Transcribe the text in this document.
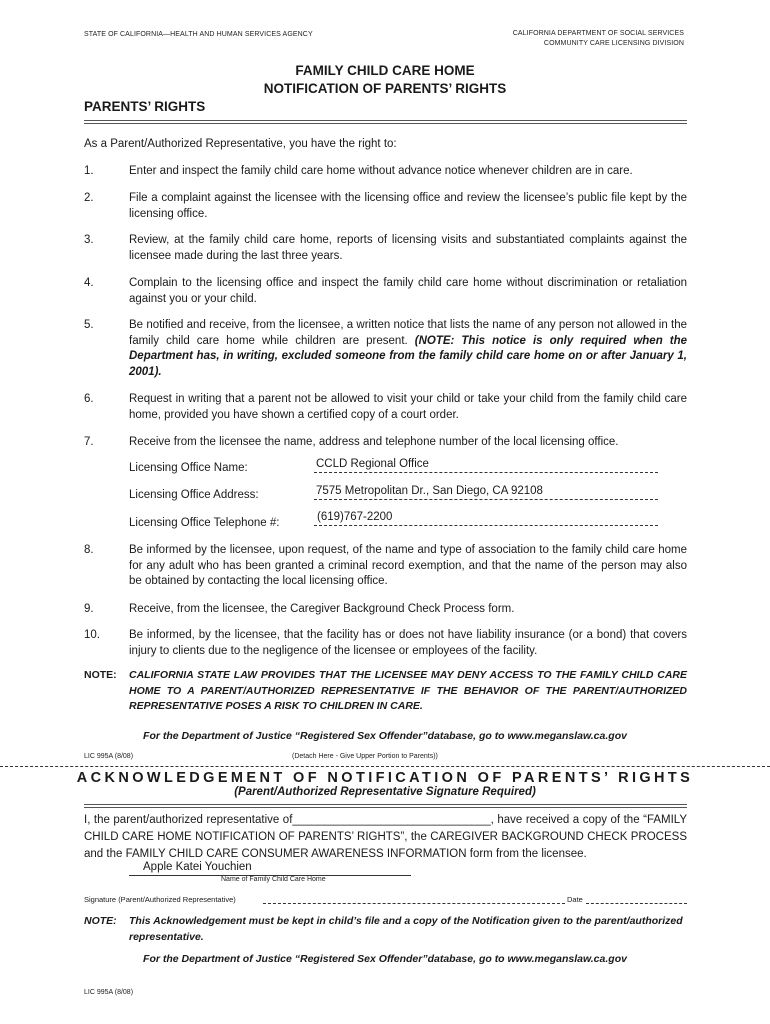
STATE OF CALIFORNIA—HEALTH AND HUMAN SERVICES AGENCY	CALIFORNIA DEPARTMENT OF SOCIAL SERVICES
COMMUNITY CARE LICENSING DIVISION
FAMILY CHILD CARE HOME
NOTIFICATION OF PARENTS’ RIGHTS
PARENTS’ RIGHTS
As a Parent/Authorized Representative, you have the right to:
1.	Enter and inspect the family child care home without advance notice whenever children are in care.
2.	File a complaint against the licensee with the licensing office and review the licensee’s public file kept by the licensing office.
3.	Review, at the family child care home, reports of licensing visits and substantiated complaints against the licensee made during the last three years.
4.	Complain to the licensing office and inspect the family child care home without discrimination or retaliation against you or your child.
5.	Be notified and receive, from the licensee, a written notice that lists the name of any person not allowed in the family child care home while children are present. (NOTE: This notice is only required when the Department has, in writing, excluded someone from the family child care home on or after January 1, 2001).
6.	Request in writing that a parent not be allowed to visit your child or take your child from the family child care home, provided you have shown a certified copy of a court order.
7.	Receive from the licensee the name, address and telephone number of the local licensing office.
Licensing Office Name:	CCLD Regional Office
Licensing Office Address:	7575 Metropolitan Dr., San Diego, CA 92108
Licensing Office Telephone #:	(619)767-2200
8.	Be informed by the licensee, upon request, of the name and type of association to the family child care home for any adult who has been granted a criminal record exemption, and that the name of the person may also be obtained by contacting the local licensing office.
9.	Receive, from the licensee, the Caregiver Background Check Process form.
10.	Be informed, by the licensee, that the facility has or does not have liability insurance (or a bond) that covers injury to clients due to the negligence of the licensee or employees of the facility.
NOTE: CALIFORNIA STATE LAW PROVIDES THAT THE LICENSEE MAY DENY ACCESS TO THE FAMILY CHILD CARE HOME TO A PARENT/AUTHORIZED REPRESENTATIVE IF THE BEHAVIOR OF THE PARENT/AUTHORIZED REPRESENTATIVE POSES A RISK TO CHILDREN IN CARE.
For the Department of Justice “Registered Sex Offender”database, go to www.meganslaw.ca.gov
LIC 995A (8/08)	(Detach Here - Give Upper Portion to Parents))
ACKNOWLEDGEMENT OF NOTIFICATION OF PARENTS’ RIGHTS
(Parent/Authorized Representative Signature Required)
I, the parent/authorized representative of_______________________________, have received a copy of the “FAMILY CHILD CARE HOME NOTIFICATION OF PARENTS’ RIGHTS”, the CAREGIVER BACKGROUND CHECK PROCESS and the FAMILY CHILD CARE CONSUMER AWARENESS INFORMATION form from the licensee.
Apple Katei Youchien
Name of Family Child Care Home
Signature (Parent/Authorized Representative)	Date
NOTE: This Acknowledgement must be kept in child’s file and a copy of the Notification given to the parent/authorized representative.
For the Department of Justice “Registered Sex Offender”database, go to www.meganslaw.ca.gov
LIC 995A (8/08)
